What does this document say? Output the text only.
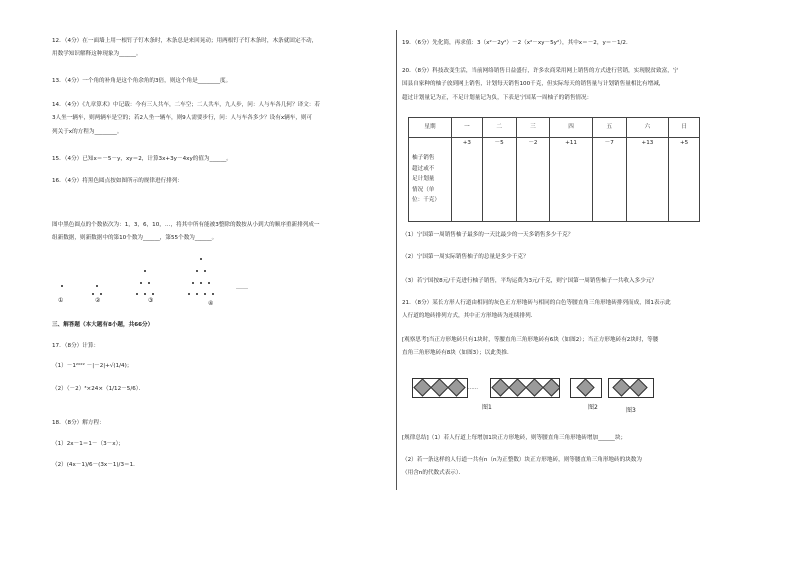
12．（4分）在一面墙上用一根钉子钉木条时，木条总是来回晃动；用两根钉子钉木条时，木条就固定不动，
用数学知识解释这种现象为______。
13．（4分）一个角的补角是这个角余角的3倍，则这个角是________度。
14．（4分）《九章算术》中记载：今有三人共车，二车空；二人共车，九人步，问：人与车各几何？译文：若
3人坐一辆车，则两辆车是空的；若2人坐一辆车，则9人需要步行，问：人与车各多少？设有x辆车，则可
列关于x的方程为________。
15．（4分）已知x＝－5－y，xy＝2，计算3x+3y－4xy的值为______。
16．（4分）将黑色圆点按如图所示的规律进行排列：
图中黑色圆点的个数依次为：1，3，6，10，…，将其中所有能被3整除的数按从小到大的顺序重新排列成一
组新数据，则新数据中的第10个数为______，第55个数为______。
①	②	③	④
……
三、解答题（本大题有8小题，共66分）
17．（8分）计算：
（1）－1²⁰²² －|－2|+√(1/4)；
（2）（－2）³×24×（1/12－5/6）．
18．（8分）解方程：
（1）2x－1＝1－（3－x）；
（2）(4x－1)/6－(3x－1)/3＝1．
19．（6分）先化简，再求值：3（x²－2y²）－2（x²－xy－5y²），其中x＝－2，y＝－1/2．
20．（8分）科技改变生活，当前网络销售日益盛行，许多农商采用网上销售的方式进行营销，实现脱贫致富，宁
国县自家种的柚子放到网上销售，计划每天销售100千克，但实际每天的销售量与计划销售量相比有增减，
超过计划量记为正，不足计划量记为负，下表是宁国某一周柚子的销售情况：
星期	一	二	三	四	五	六	日

柚子销售
超过或不
足计划量
情况（单
位：千克）	+3	－5	－2	+11	－7	+13	+5
（1）宁国第一周销售柚子最多的一天比最少的一天多销售多少千克？
（2）宁国第一周实际销售柚子的总量是多少千克？
（3）若宁国按8元/千克进行柚子销售，平均运费为3元/千克，则宁国第一周销售柚子一共收入多少元？
21．（8分）某长方形人行道由相同的灰色正方形地砖与相同的白色等腰直角三角形地砖排列而成，图1表示此
人行道的地砖排列方式，其中正方形地砖为连续排列．
[观察思考]当正方形地砖只有1块时，等腰直角三角形地砖有6块（如图2）；当正方形地砖有2块时，等腰
直角三角形地砖有8块（如图3）；以此类推．
……
图1	图2	图3
[规律总结]（1）若人行道上每增加1块正方形地砖，则等腰直角三角形地砖增加______块；
（2）若一条这样的人行道一共有n（n为正整数）块正方形地砖，则等腰直角三角形地砖的块数为
（用含n的代数式表示）．
